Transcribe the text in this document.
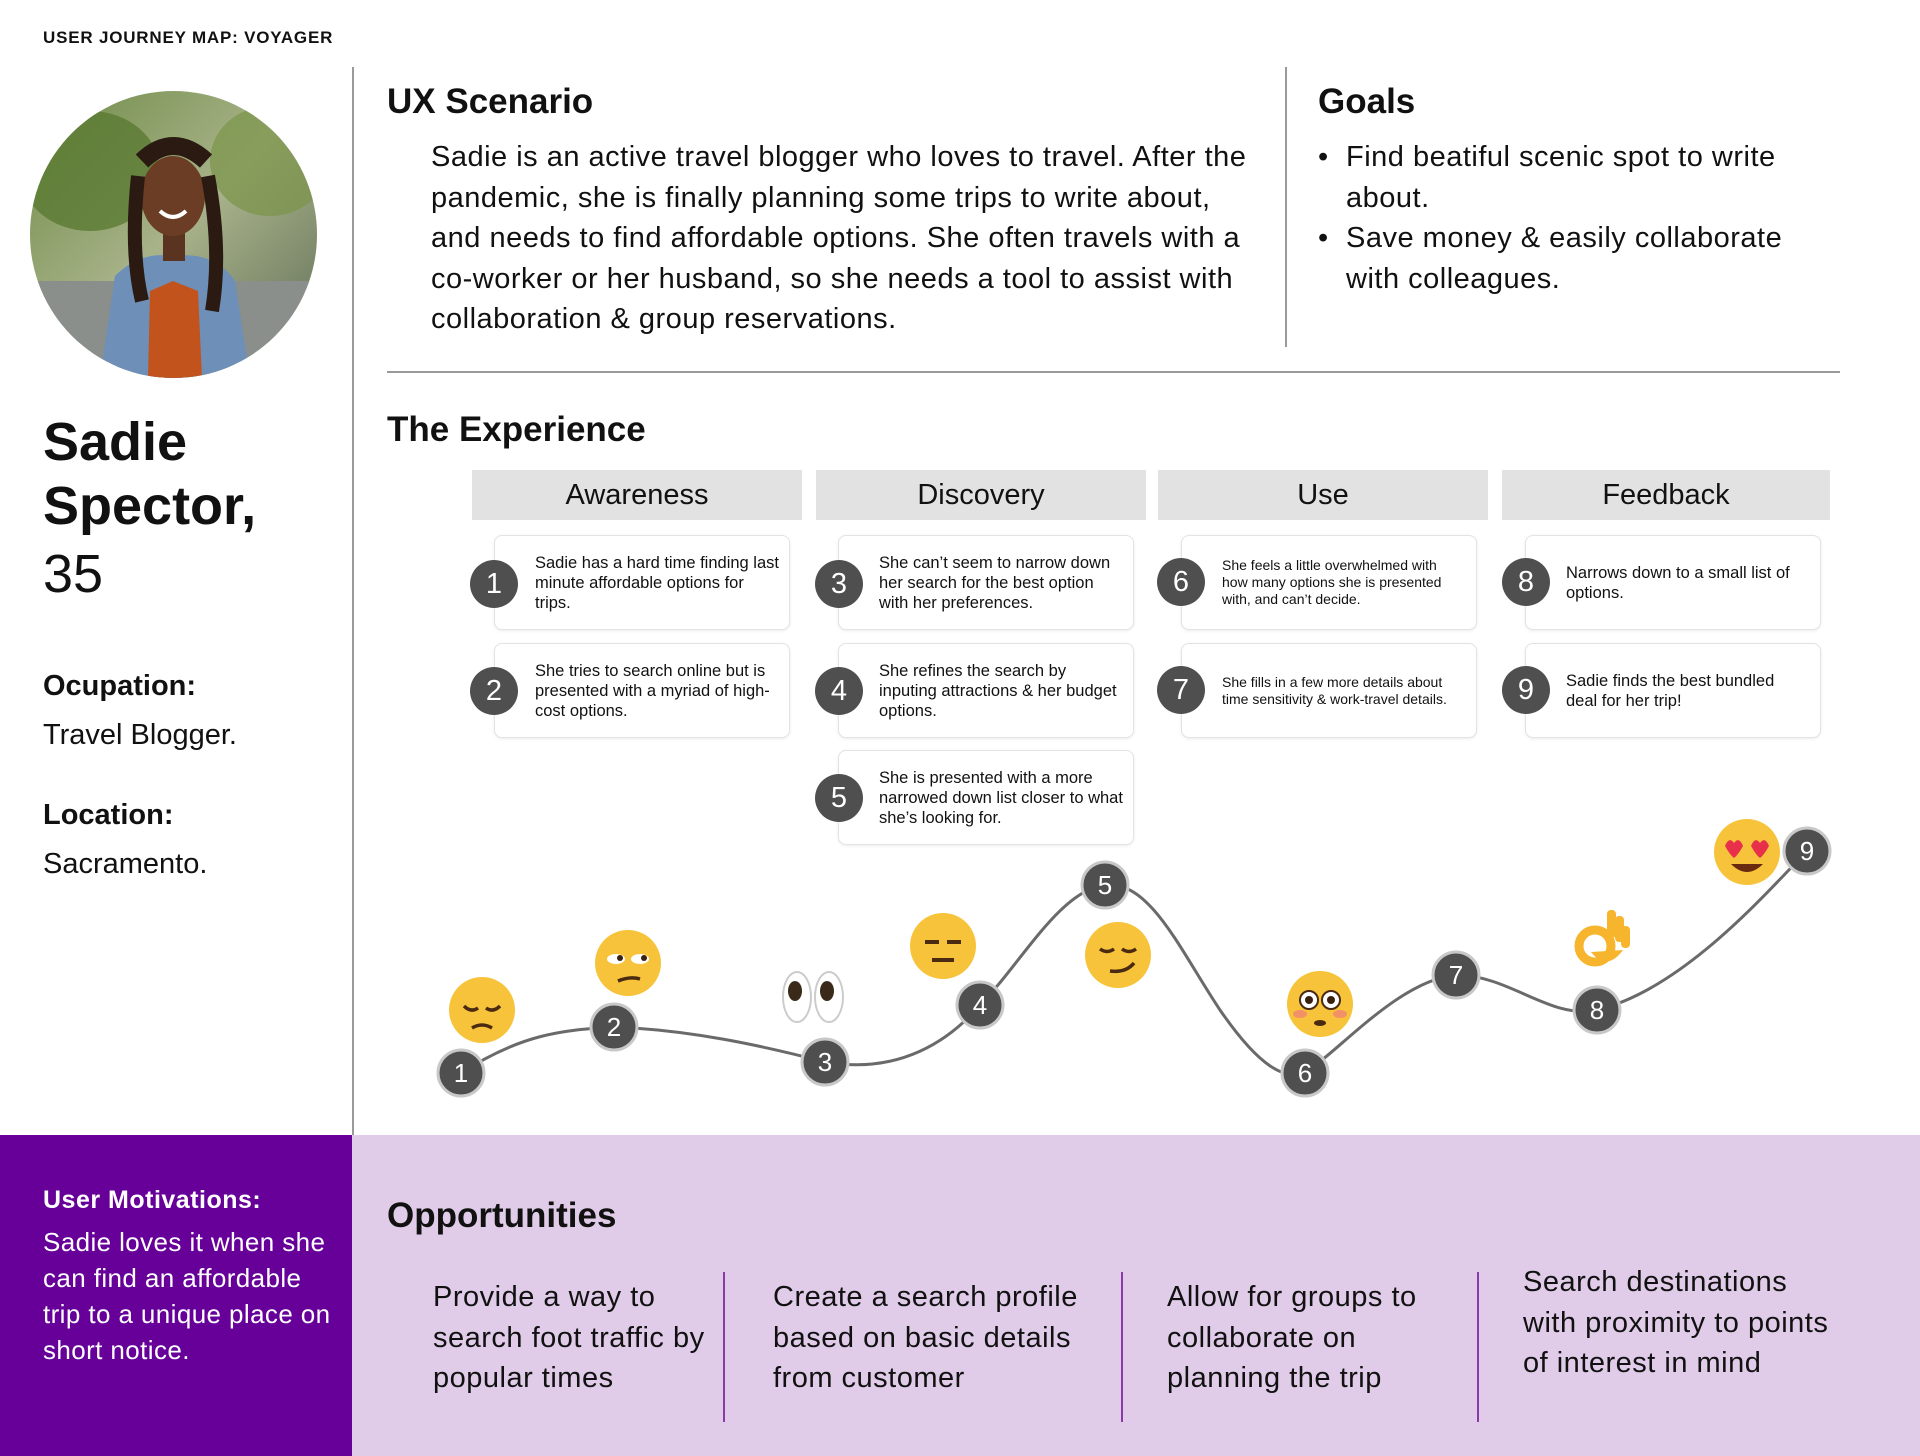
USER JOURNEY MAP: VOYAGER
Sadie Spector,
35
Ocupation:
Travel Blogger.
Location:
Sacramento.
UX Scenario
Sadie is an active travel blogger who loves to travel. After the pandemic, she is finally planning some trips to write about, and needs to find affordable options. She often travels with a co-worker or her husband, so she needs a tool to assist with collaboration & group reservations.
Goals
• Find beatiful scenic spot to write about.
• Save money & easily collaborate with colleagues.
The Experience
Awareness	Discovery	Use	Feedback
Sadie has a hard time finding last minute affordable options for trips.
1
She tries to search online but is presented with a myriad of high-cost options.
2
She can’t seem to narrow down her search for the best option with her preferences.
3
She refines the search by inputing attractions & her budget options.
4
She is presented with a more narrowed down list closer to what she’s looking for.
5
She feels a little overwhelmed with how many options she is presented with, and can’t decide.
6
She fills in a few more details about time sensitivity & work-travel details.
7
Narrows down to a small list of options.
8
Sadie finds the best bundled deal for her trip!
9
1
2
3
4
5
6
7
8
9
User Motivations:
Sadie loves it when she can find an affordable trip to a unique place on short notice.
Opportunities
Provide a way to search foot traffic by popular times
Create a search profile based on basic details from customer
Allow for groups to collaborate on planning the trip
Search destinations with proximity to points of interest in mind
